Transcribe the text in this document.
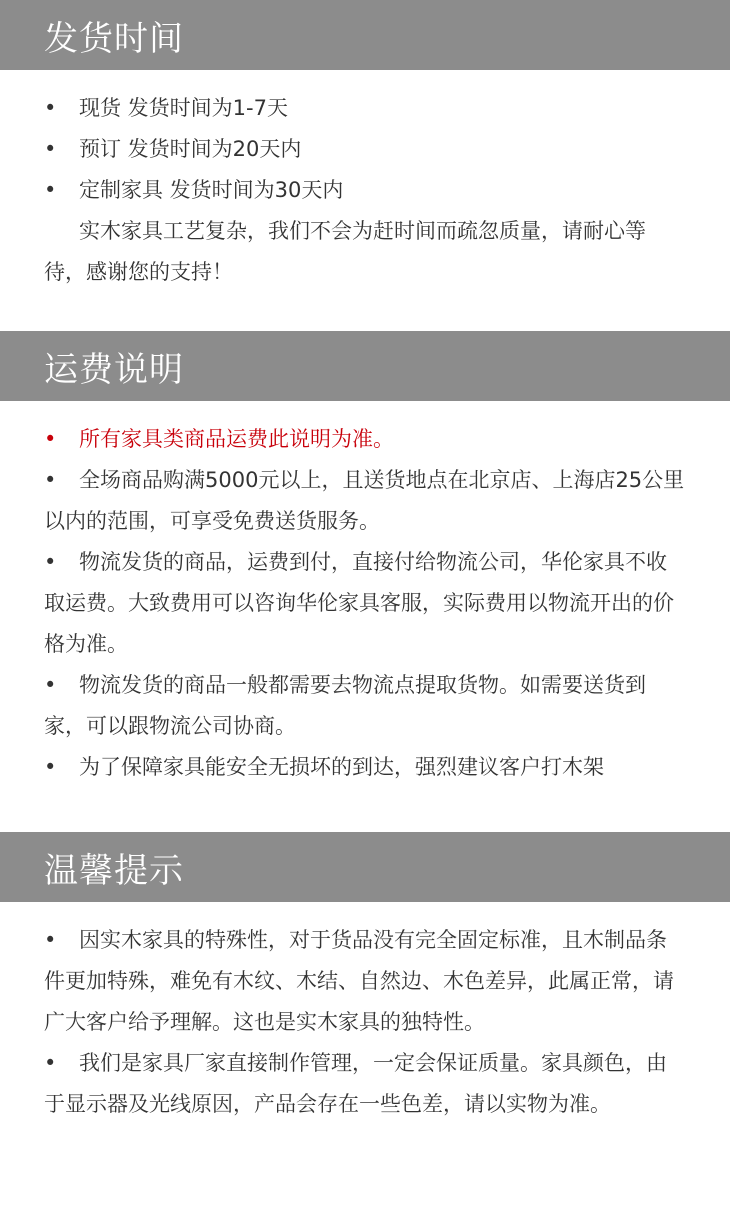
发货时间

• 现货 发货时间为1-7天

• 预订 发货时间为20天内

• 定制家具 发货时间为30天内

实木家具工艺复杂，我们不会为赶时间而疏忽质量，请耐心等待，感谢您的支持！

运费说明

• 所有家具类商品运费此说明为准。

• 全场商品购满5000元以上，且送货地点在北京店、上海店25公里以内的范围，可享受免费送货服务。

• 物流发货的商品，运费到付，直接付给物流公司，华伦家具不收取运费。大致费用可以咨询华伦家具客服，实际费用以物流开出的价格为准。

• 物流发货的商品一般都需要去物流点提取货物。如需要送货到家，可以跟物流公司协商。

• 为了保障家具能安全无损坏的到达，强烈建议客户打木架

温馨提示

• 因实木家具的特殊性，对于货品没有完全固定标准，且木制品条件更加特殊，难免有木纹、木结、自然边、木色差异，此属正常，请广大客户给予理解。这也是实木家具的独特性。

• 我们是家具厂家直接制作管理，一定会保证质量。家具颜色，由于显示器及光线原因，产品会存在一些色差，请以实物为准。
